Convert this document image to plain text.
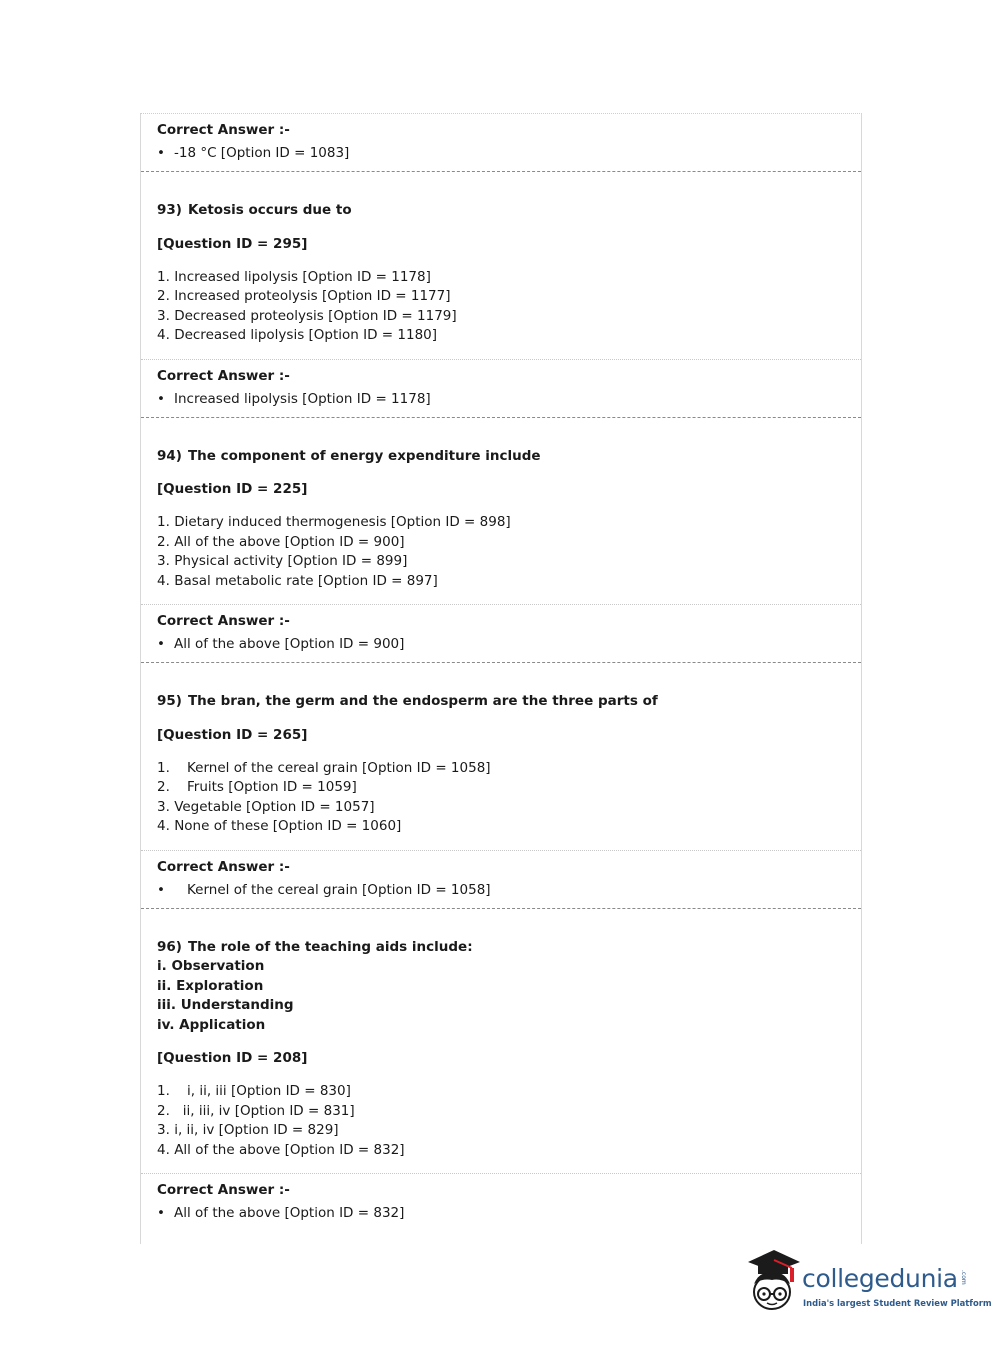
Correct Answer :-
• -18 °C [Option ID = 1083]
93) Ketosis occurs due to
[Question ID = 295]
1. Increased lipolysis [Option ID = 1178]
2. Increased proteolysis [Option ID = 1177]
3. Decreased proteolysis [Option ID = 1179]
4. Decreased lipolysis [Option ID = 1180]
Correct Answer :-
• Increased lipolysis [Option ID = 1178]
94) The component of energy expenditure include
[Question ID = 225]
1. Dietary induced thermogenesis [Option ID = 898]
2. All of the above [Option ID = 900]
3. Physical activity [Option ID = 899]
4. Basal metabolic rate [Option ID = 897]
Correct Answer :-
• All of the above [Option ID = 900]
95) The bran, the germ and the endosperm are the three parts of
[Question ID = 265]
1. Kernel of the cereal grain [Option ID = 1058]
2. Fruits [Option ID = 1059]
3. Vegetable [Option ID = 1057]
4. None of these [Option ID = 1060]
Correct Answer :-
•	Kernel of the cereal grain [Option ID = 1058]
96) The role of the teaching aids include:
i. Observation
ii. Exploration
iii. Understanding
iv. Application
[Question ID = 208]
1. i, ii, iii [Option ID = 830]
2. ii, iii, iv [Option ID = 831]
3. i, ii, iv [Option ID = 829]
4. All of the above [Option ID = 832]
Correct Answer :-
• All of the above [Option ID = 832]
collegedunia .com
India's largest Student Review Platform
